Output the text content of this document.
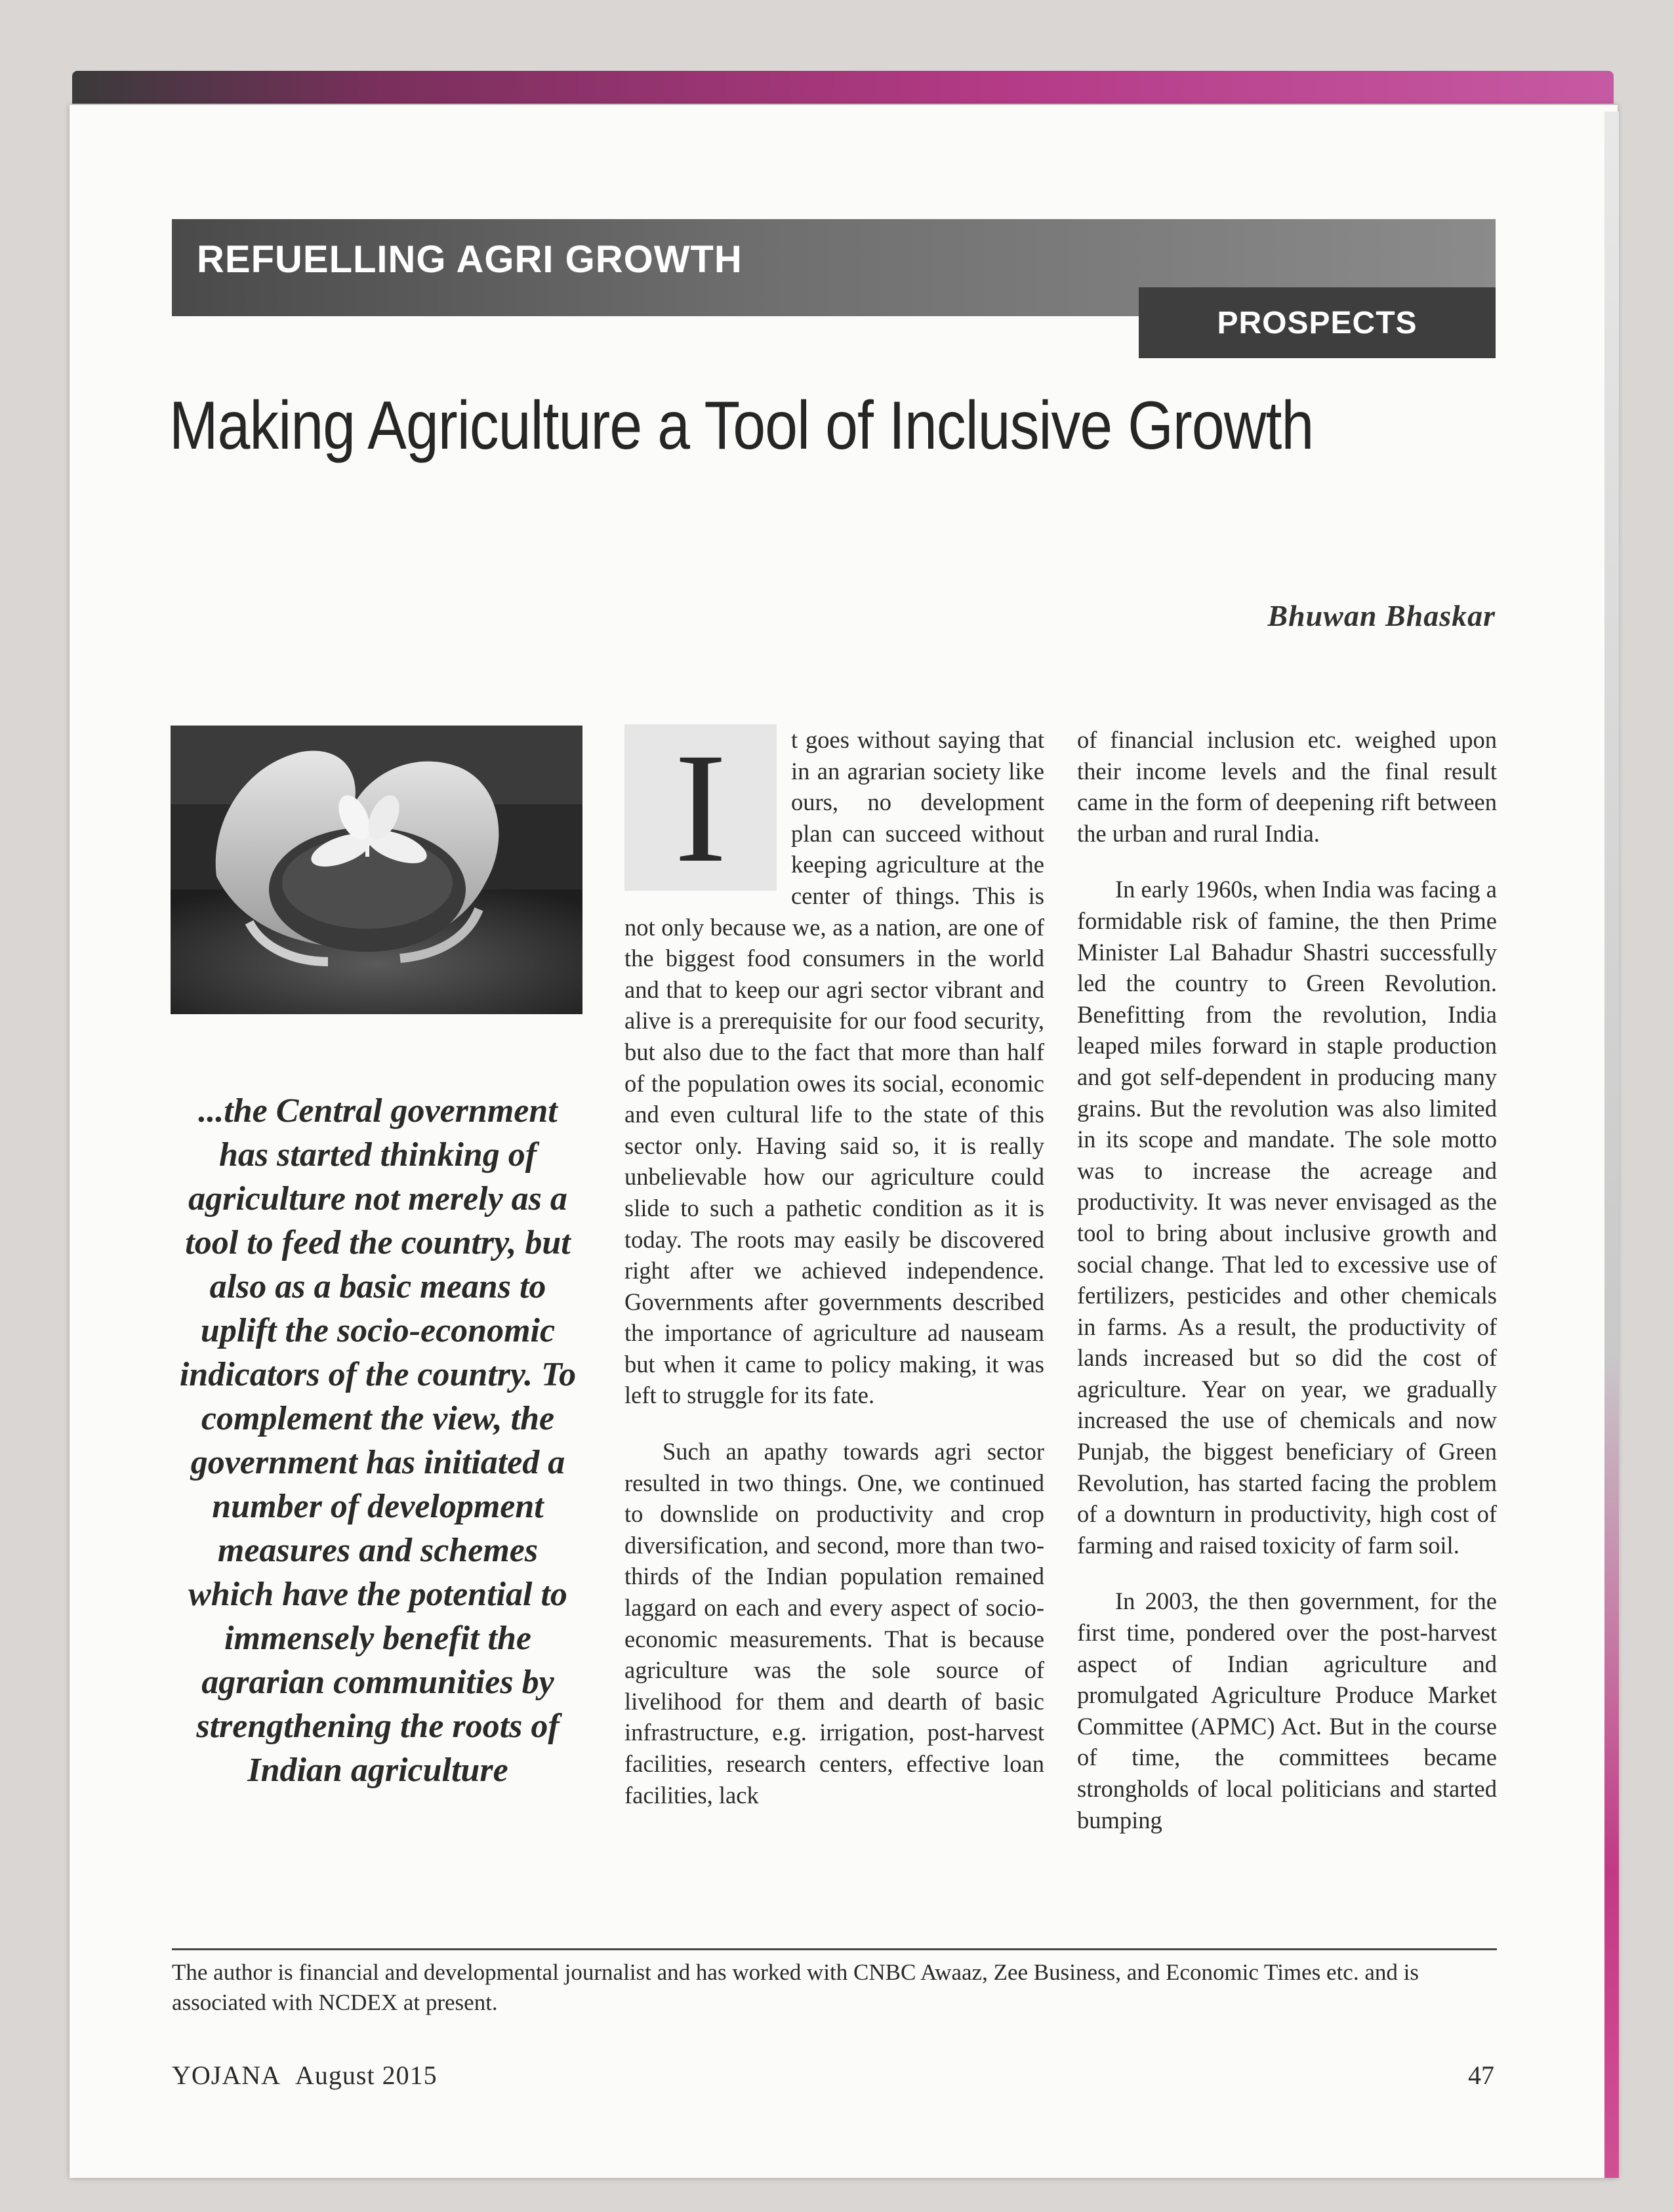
REFUELLING AGRI GROWTH
PROSPECTS
Making Agriculture a Tool of Inclusive Growth
Bhuwan Bhaskar
...the Central government has started thinking of agriculture not merely as a tool to feed the country, but also as a basic means to uplift the socio-economic indicators of the country. To complement the view, the government has initiated a number of development measures and schemes which have the potential to immensely benefit the agrarian communities by strengthening the roots of Indian agriculture

I	t goes without saying that in an agrarian society like ours, no development plan can succeed without keeping agriculture at the center of things. This is not only because we, as a nation, are one of the biggest food consumers in the world and that to keep our agri sector vibrant and alive is a prerequisite for our food security, but also due to the fact that more than half of the population owes its social, economic and even cultural life to the state of this sector only. Having said so, it is really unbelievable how our agriculture could slide to such a pathetic condition as it is today. The roots may easily be discovered right after we achieved independence. Governments after governments described the importance of agriculture ad nauseam but when it came to policy making, it was left to struggle for its fate.

Such an apathy towards agri sector resulted in two things. One, we continued to downslide on productivity and crop diversification, and second, more than two-thirds of the Indian population remained laggard on each and every aspect of socio-economic measurements. That is because agriculture was the sole source of livelihood for them and dearth of basic infrastructure, e.g. irrigation, post-harvest facilities, research centers, effective loan facilities, lack

of financial inclusion etc. weighed upon their income levels and the final result came in the form of deepening rift between the urban and rural India.

In early 1960s, when India was facing a formidable risk of famine, the then Prime Minister Lal Bahadur Shastri successfully led the country to Green Revolution. Benefitting from the revolution, India leaped miles forward in staple production and got self-dependent in producing many grains. But the revolution was also limited in its scope and mandate. The sole motto was to increase the acreage and productivity. It was never envisaged as the tool to bring about inclusive growth and social change. That led to excessive use of fertilizers, pesticides and other chemicals in farms. As a result, the productivity of lands increased but so did the cost of agriculture. Year on year, we gradually increased the use of chemicals and now Punjab, the biggest beneficiary of Green Revolution, has started facing the problem of a downturn in productivity, high cost of farming and raised toxicity of farm soil.

In 2003, the then government, for the first time, pondered over the post-harvest aspect of Indian agriculture and promulgated Agriculture Produce Market Committee (APMC) Act. But in the course of time, the committees became strongholds of local politicians and started bumping

The author is financial and developmental journalist and has worked with CNBC Awaaz, Zee Business, and Economic Times etc. and is associated with NCDEX at present.
YOJANA August 2015	47
